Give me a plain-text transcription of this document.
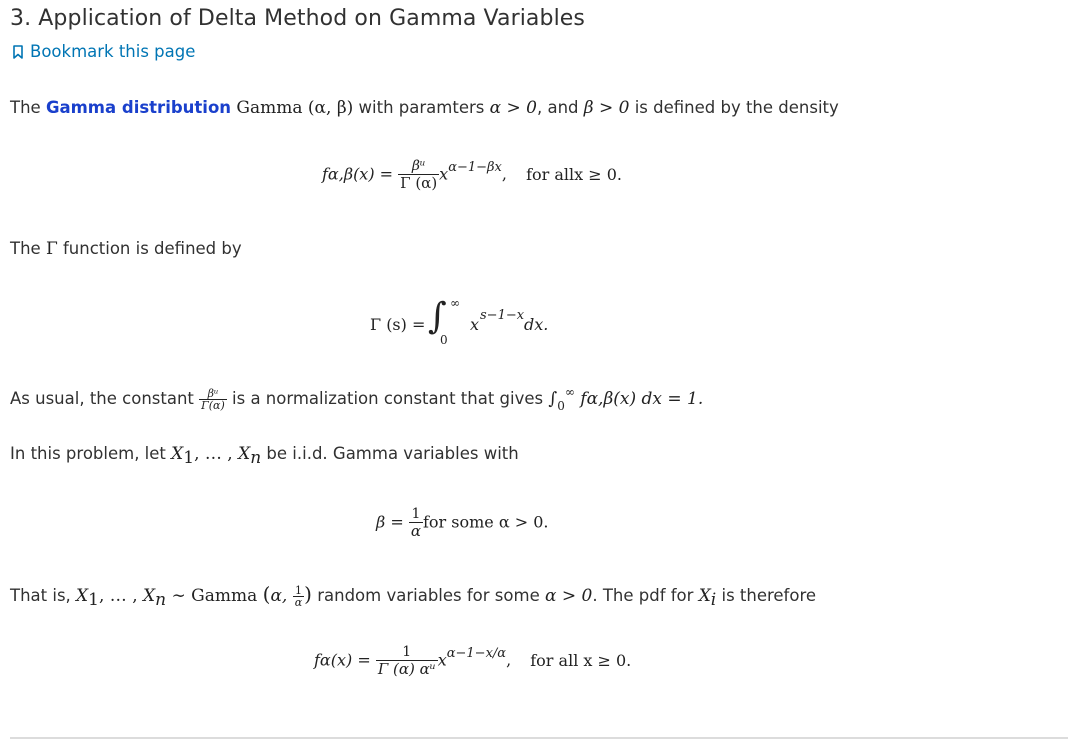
3. Application of Delta Method on Gamma Variables
Bookmark this page
The Gamma distribution Gamma (α, β) with paramters α > 0, and β > 0 is defined by the density
$f\alpha,\beta(x) = \frac{\text{βᵘ}}{\Gamma (\alpha)} x^{\alpha-1-\beta x}$, for allx ≥ 0.
The Γ function is defined by
Γ (s) = ∫ ∞
0
x s−1−x dx.
As usual, the constant $\frac{\text{βᵘ}}{\Gamma(\alpha)}$ is a normalization constant that gives $\int_0^\infty$ fα,β(x) dx = 1.
In this problem, let X1, … , Xn be i.i.d. Gamma variables with
$\beta = \frac{1}{\alpha}$ for some α > 0.
That is, X1, … , Xn ∼ Gamma (α, $\frac{1}{\alpha}$ ) random variables for some α > 0. The pdf for Xi is therefore
$f\alpha(x) = \frac{1}{\text{Γ (α) αᵘ}} x^{\alpha-1-x/\alpha}$, for all x ≥ 0.
